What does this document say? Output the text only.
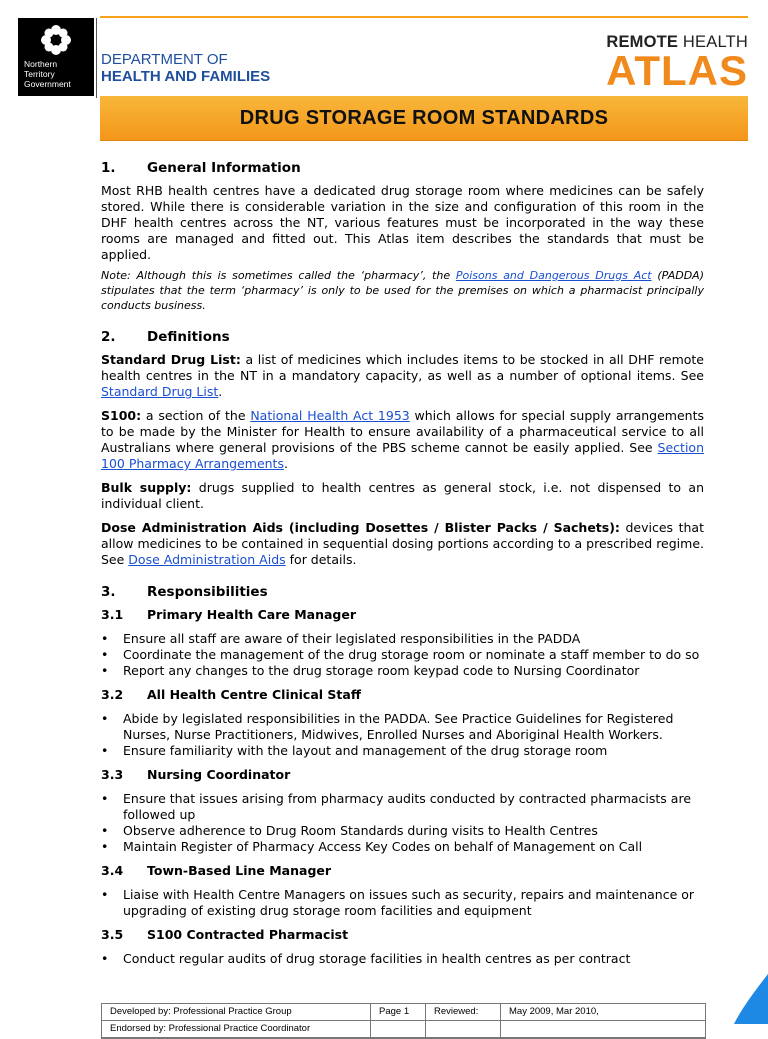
Northern
Territory
Government
DEPARTMENT OF
HEALTH AND FAMILIES
REMOTE HEALTH
ATLAS
DRUG STORAGE ROOM STANDARDS
1. General Information

Most RHB health centres have a dedicated drug storage room where medicines can be safely stored. While there is considerable variation in the size and configuration of this room in the DHF health centres across the NT, various features must be incorporated in the way these rooms are managed and fitted out. This Atlas item describes the standards that must be applied.

Note: Although this is sometimes called the ‘pharmacy’, the Poisons and Dangerous Drugs Act (PADDA) stipulates that the term ‘pharmacy’ is only to be used for the premises on which a pharmacist principally conducts business.

2. Definitions

Standard Drug List: a list of medicines which includes items to be stocked in all DHF remote health centres in the NT in a mandatory capacity, as well as a number of optional items. See Standard Drug List.

S100: a section of the National Health Act 1953 which allows for special supply arrangements to be made by the Minister for Health to ensure availability of a pharmaceutical service to all Australians where general provisions of the PBS scheme cannot be easily applied. See Section 100 Pharmacy Arrangements.

Bulk supply: drugs supplied to health centres as general stock, i.e. not dispensed to an individual client.

Dose Administration Aids (including Dosettes / Blister Packs / Sachets): devices that allow medicines to be contained in sequential dosing portions according to a prescribed regime. See Dose Administration Aids for details.

3. Responsibilities
3.1 Primary Health Care Manager
• Ensure all staff are aware of their legislated responsibilities in the PADDA
• Coordinate the management of the drug storage room or nominate a staff member to do so
• Report any changes to the drug storage room keypad code to Nursing Coordinator
3.2 All Health Centre Clinical Staff
• Abide by legislated responsibilities in the PADDA. See Practice Guidelines for Registered Nurses, Nurse Practitioners, Midwives, Enrolled Nurses and Aboriginal Health Workers.
• Ensure familiarity with the layout and management of the drug storage room
3.3 Nursing Coordinator
• Ensure that issues arising from pharmacy audits conducted by contracted pharmacists are followed up
• Observe adherence to Drug Room Standards during visits to Health Centres
• Maintain Register of Pharmacy Access Key Codes on behalf of Management on Call
3.4 Town-Based Line Manager
• Liaise with Health Centre Managers on issues such as security, repairs and maintenance or upgrading of existing drug storage room facilities and equipment
3.5 S100 Contracted Pharmacist
• Conduct regular audits of drug storage facilities in health centres as per contract
Developed by: Professional Practice Group	Page 1	Reviewed:	May 2009, Mar 2010,
Endorsed by: Professional Practice Coordinator
